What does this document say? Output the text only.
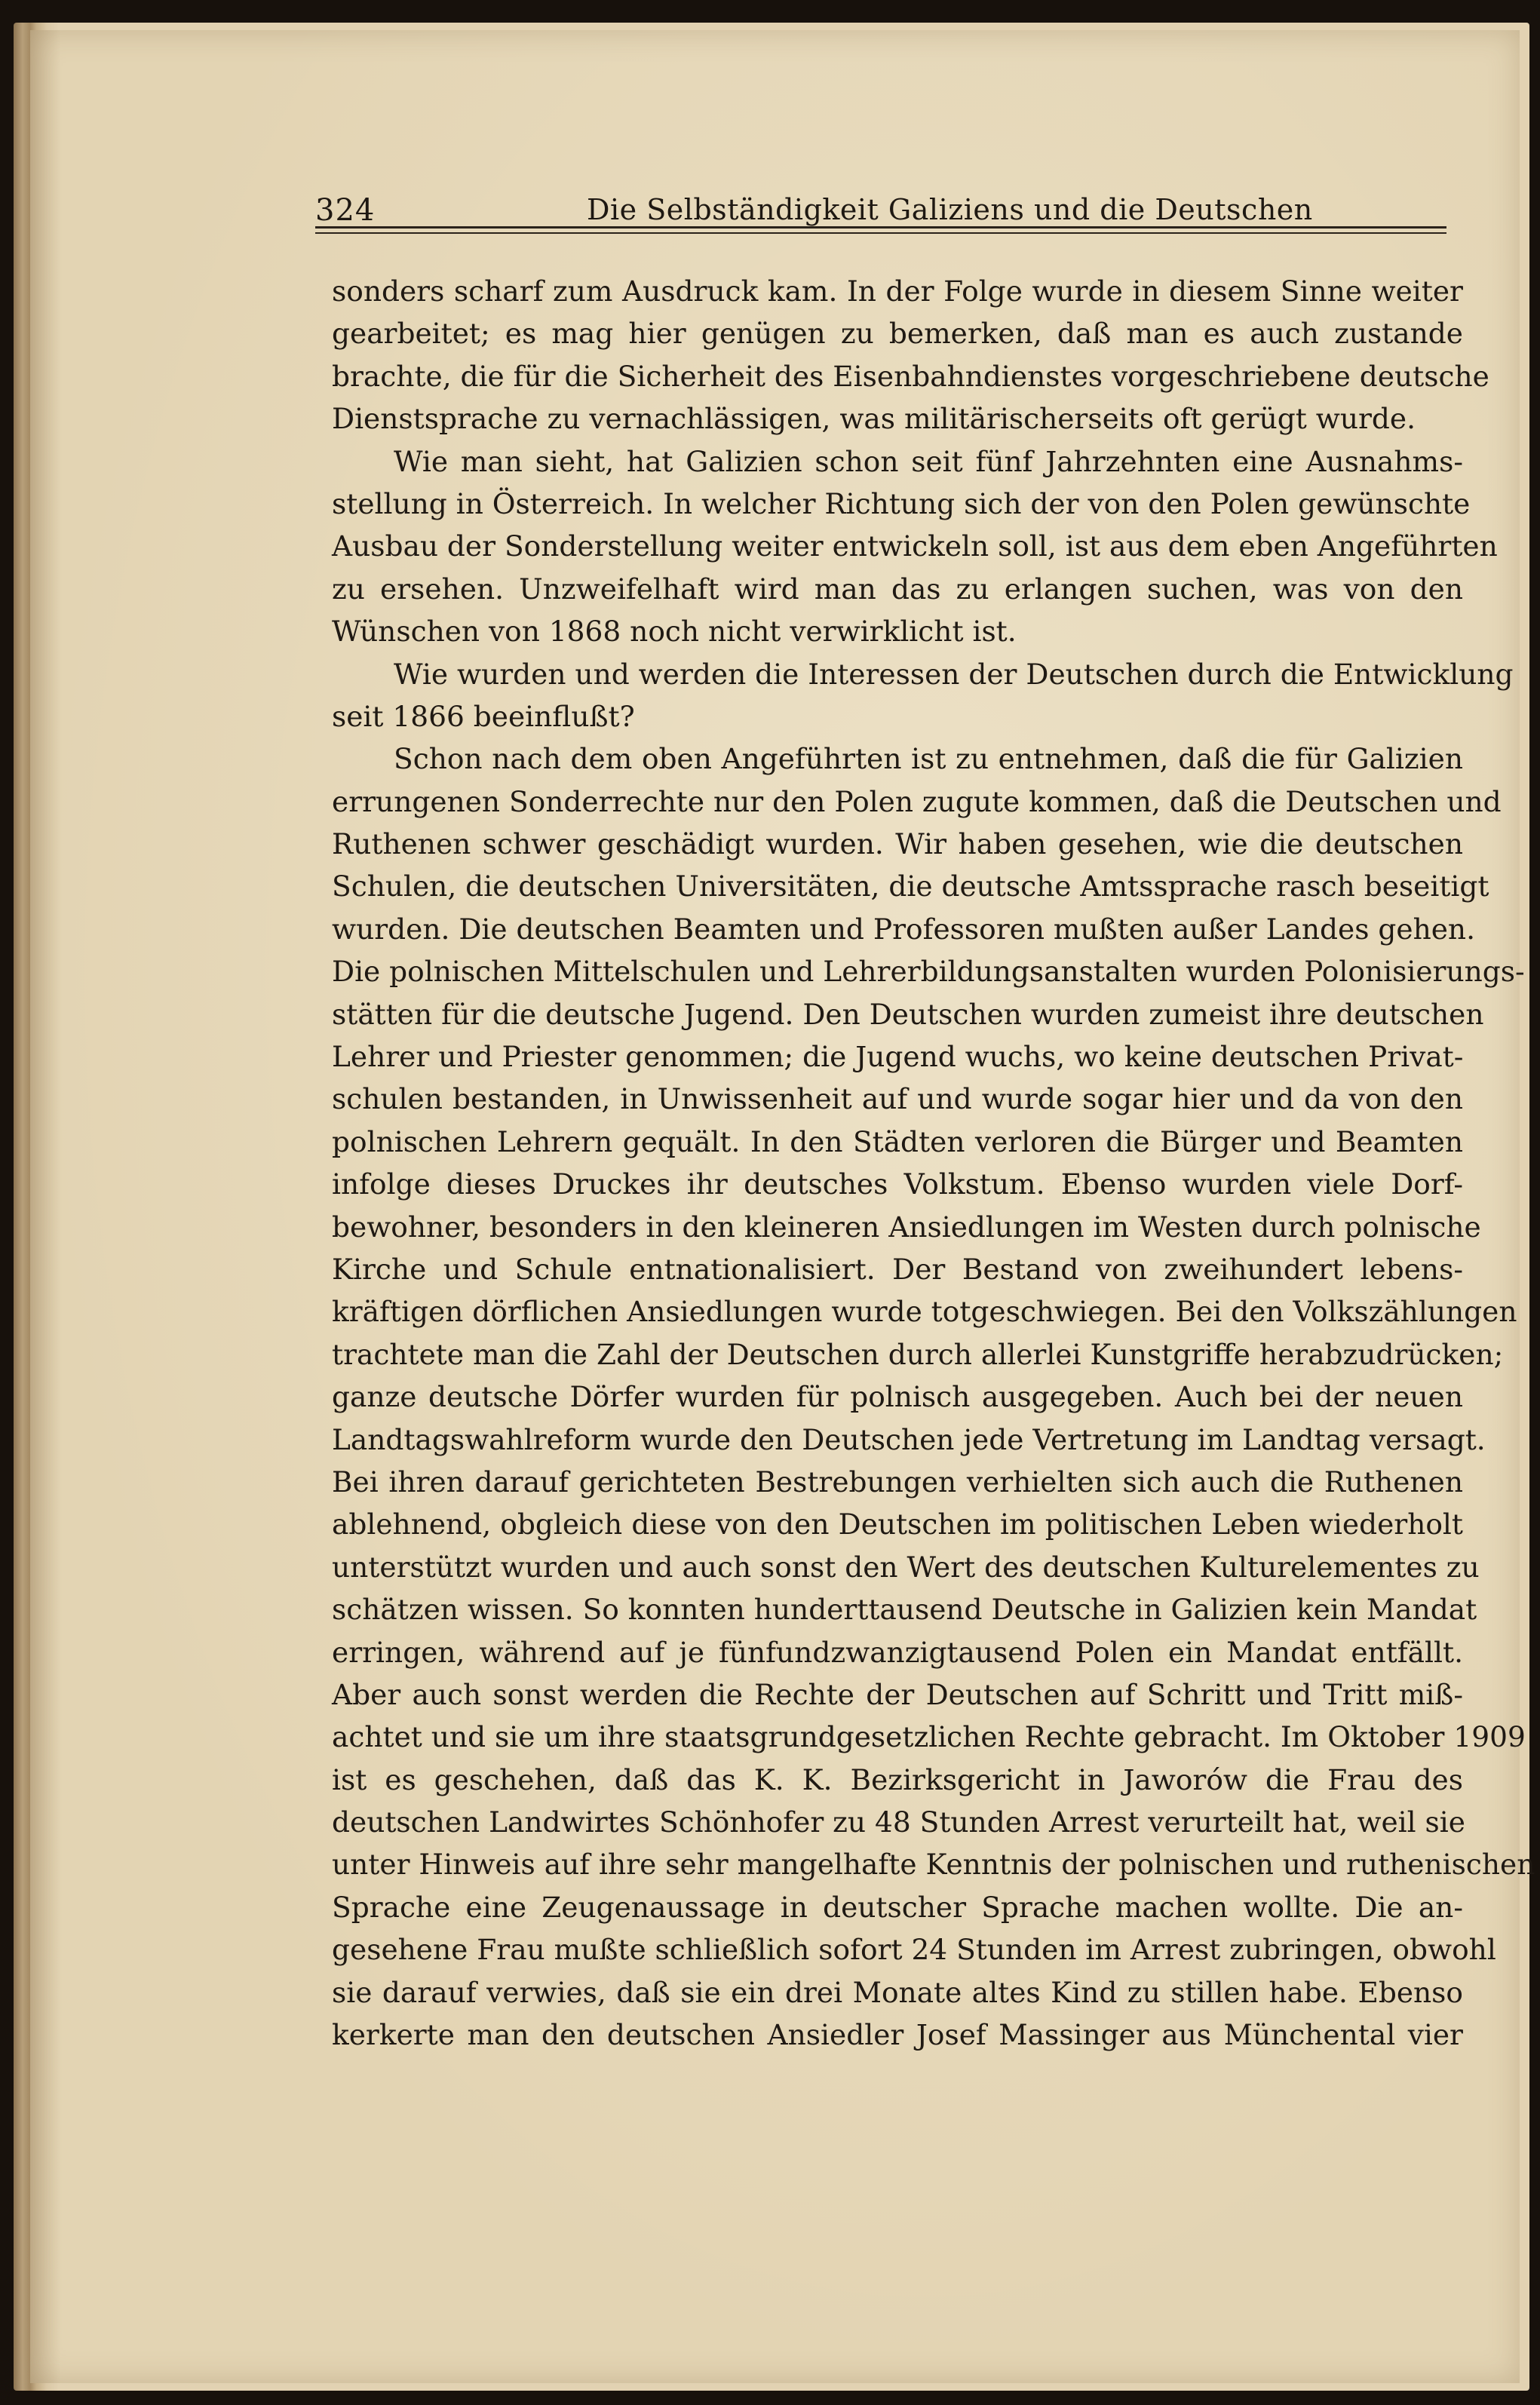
324	Die Selbständigkeit Galiziens und die Deutschen
sonders scharf zum Ausdruck kam. In der Folge wurde in diesem Sinne weiter
gearbeitet; es mag hier genügen zu bemerken, daß man es auch zustande
brachte, die für die Sicherheit des Eisenbahndienstes vorgeschriebene deutsche
Dienstsprache zu vernachlässigen, was militärischerseits oft gerügt wurde.
Wie man sieht, hat Galizien schon seit fünf Jahrzehnten eine Ausnahms-
stellung in Österreich. In welcher Richtung sich der von den Polen gewünschte
Ausbau der Sonderstellung weiter entwickeln soll, ist aus dem eben Angeführten
zu ersehen. Unzweifelhaft wird man das zu erlangen suchen, was von den
Wünschen von 1868 noch nicht verwirklicht ist.
Wie wurden und werden die Interessen der Deutschen durch die Entwicklung
seit 1866 beeinflußt?
Schon nach dem oben Angeführten ist zu entnehmen, daß die für Galizien
errungenen Sonderrechte nur den Polen zugute kommen, daß die Deutschen und
Ruthenen schwer geschädigt wurden. Wir haben gesehen, wie die deutschen
Schulen, die deutschen Universitäten, die deutsche Amtssprache rasch beseitigt
wurden. Die deutschen Beamten und Professoren mußten außer Landes gehen.
Die polnischen Mittelschulen und Lehrerbildungsanstalten wurden Polonisierungs-
stätten für die deutsche Jugend. Den Deutschen wurden zumeist ihre deutschen
Lehrer und Priester genommen; die Jugend wuchs, wo keine deutschen Privat-
schulen bestanden, in Unwissenheit auf und wurde sogar hier und da von den
polnischen Lehrern gequält. In den Städten verloren die Bürger und Beamten
infolge dieses Druckes ihr deutsches Volkstum. Ebenso wurden viele Dorf-
bewohner, besonders in den kleineren Ansiedlungen im Westen durch polnische
Kirche und Schule entnationalisiert. Der Bestand von zweihundert lebens-
kräftigen dörflichen Ansiedlungen wurde totgeschwiegen. Bei den Volkszählungen
trachtete man die Zahl der Deutschen durch allerlei Kunstgriffe herabzudrücken;
ganze deutsche Dörfer wurden für polnisch ausgegeben. Auch bei der neuen
Landtagswahlreform wurde den Deutschen jede Vertretung im Landtag versagt.
Bei ihren darauf gerichteten Bestrebungen verhielten sich auch die Ruthenen
ablehnend, obgleich diese von den Deutschen im politischen Leben wiederholt
unterstützt wurden und auch sonst den Wert des deutschen Kulturelementes zu
schätzen wissen. So konnten hunderttausend Deutsche in Galizien kein Mandat
erringen, während auf je fünfundzwanzigtausend Polen ein Mandat entfällt.
Aber auch sonst werden die Rechte der Deutschen auf Schritt und Tritt miß-
achtet und sie um ihre staatsgrundgesetzlichen Rechte gebracht. Im Oktober 1909
ist es geschehen, daß das K. K. Bezirksgericht in Jaworów die Frau des
deutschen Landwirtes Schönhofer zu 48 Stunden Arrest verurteilt hat, weil sie
unter Hinweis auf ihre sehr mangelhafte Kenntnis der polnischen und ruthenischen
Sprache eine Zeugenaussage in deutscher Sprache machen wollte. Die an-
gesehene Frau mußte schließlich sofort 24 Stunden im Arrest zubringen, obwohl
sie darauf verwies, daß sie ein drei Monate altes Kind zu stillen habe. Ebenso
kerkerte man den deutschen Ansiedler Josef Massinger aus Münchental vier
